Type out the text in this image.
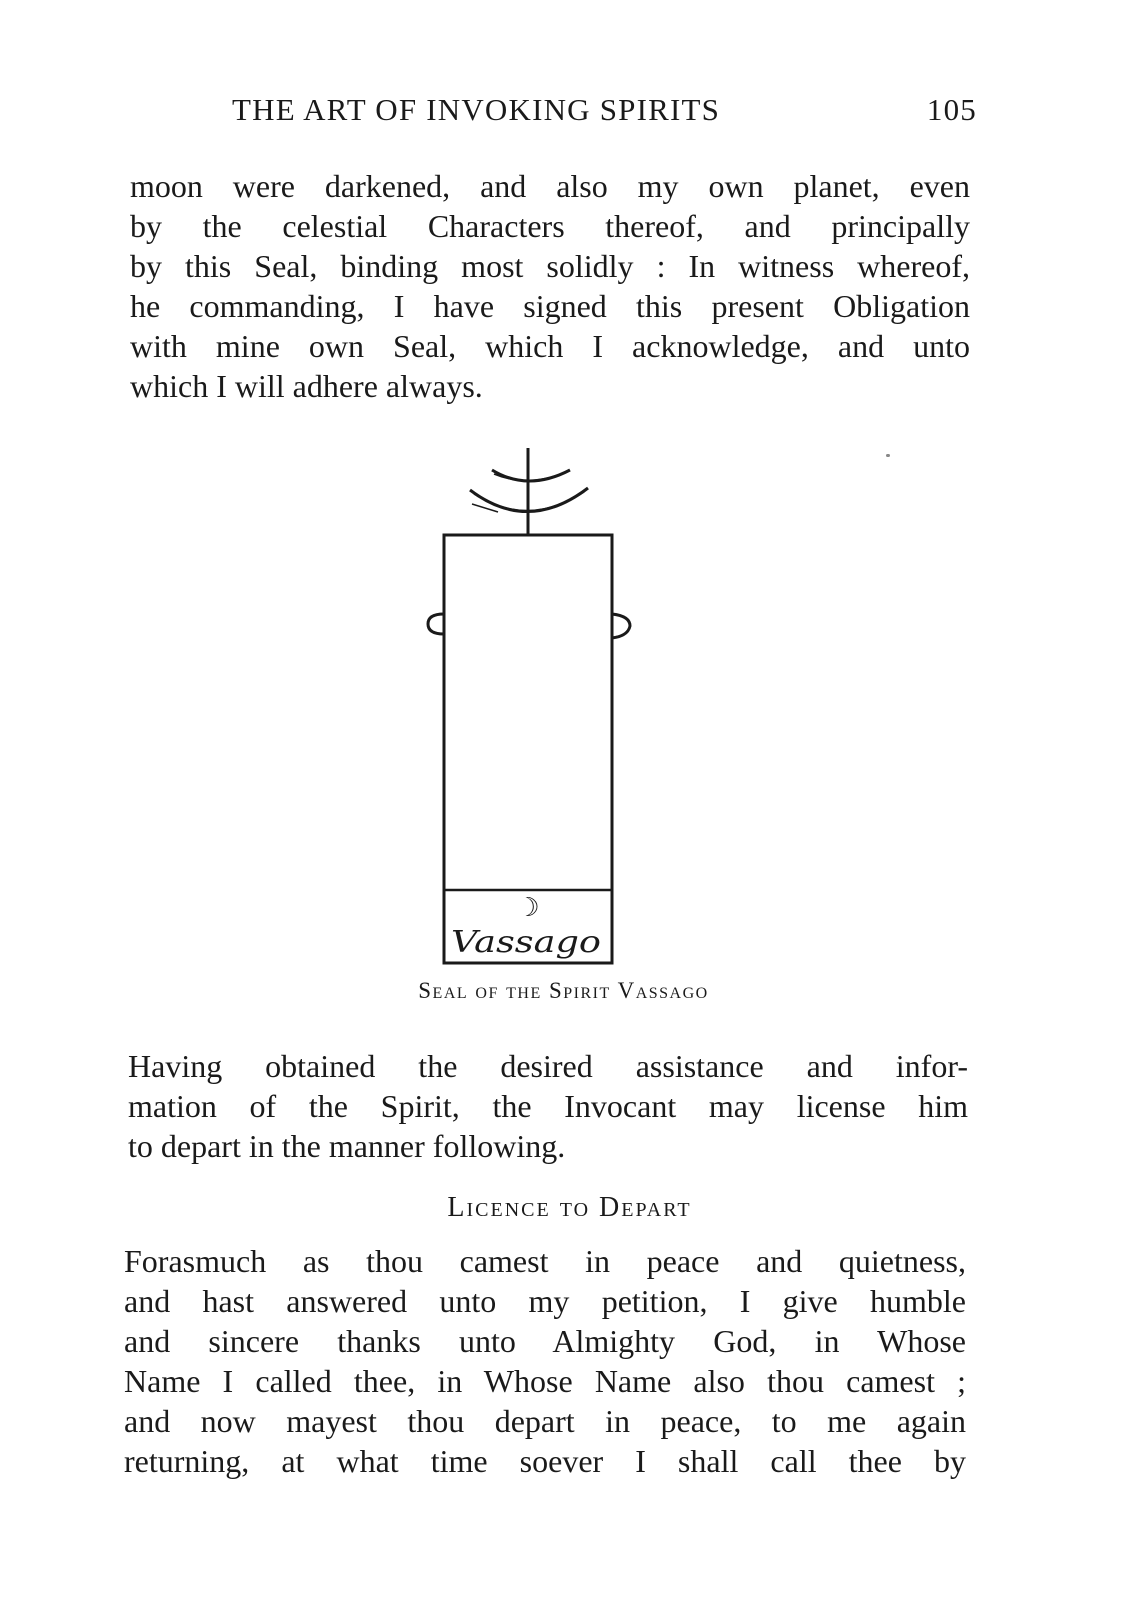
THE ART OF INVOKING SPIRITS	105
moon were darkened, and also my own planet, even
by the celestial Characters thereof, and principally
by this Seal, binding most solidly : In witness whereof,
he commanding, I have signed this present Obligation
with mine own Seal, which I acknowledge, and unto
which I will adhere always.
☽
Vassago
Seal of the Spirit Vassago
Having obtained the desired assistance and infor-
mation of the Spirit, the Invocant may license him
to depart in the manner following.
Licence to Depart
Forasmuch as thou camest in peace and quietness,
and hast answered unto my petition, I give humble
and sincere thanks unto Almighty God, in Whose
Name I called thee, in Whose Name also thou camest ;
and now mayest thou depart in peace, to me again
returning, at what time soever I shall call thee by
